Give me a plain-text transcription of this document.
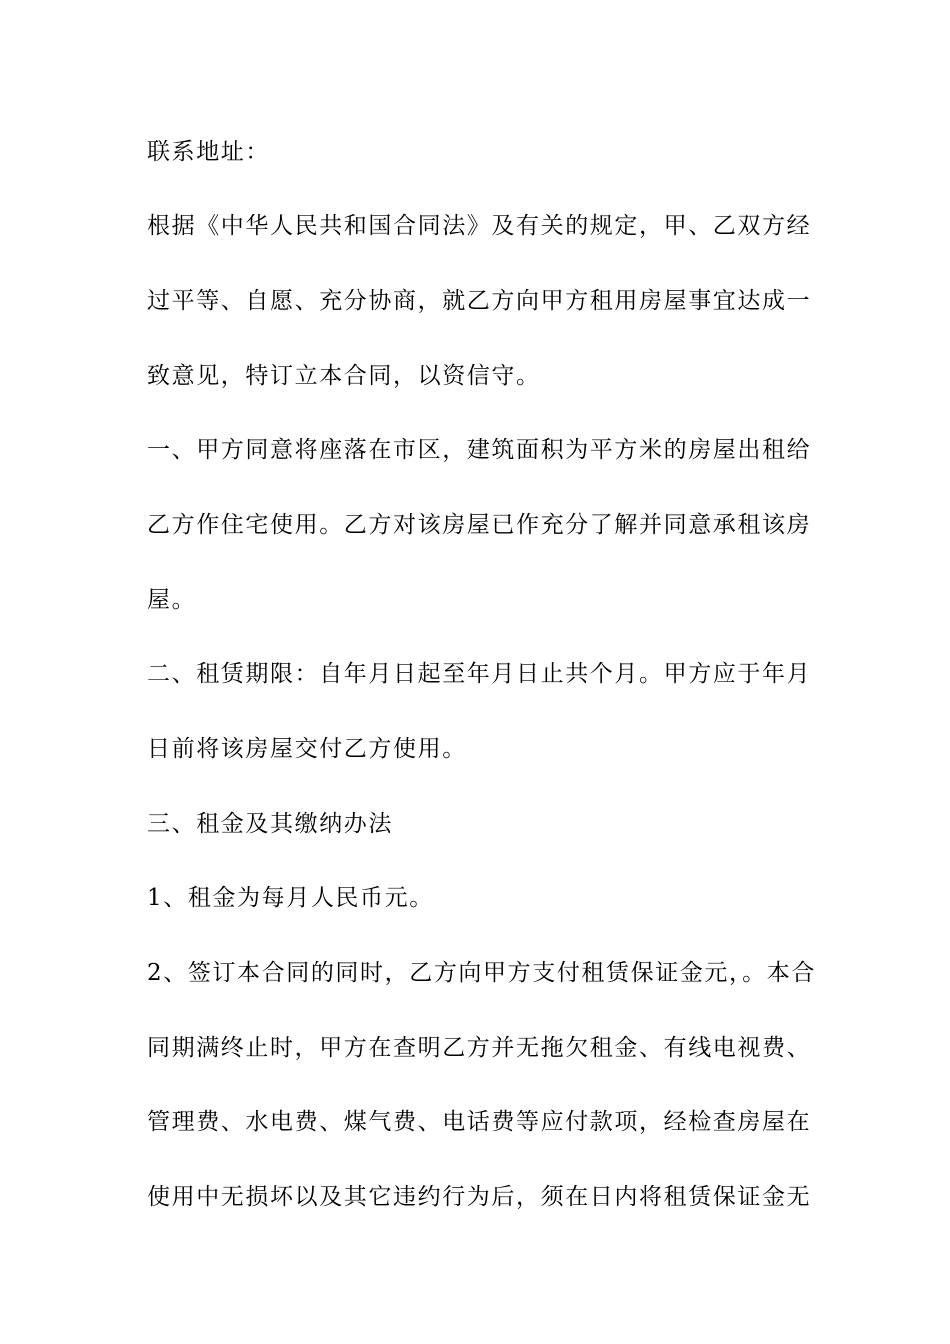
联系地址：
根据《中华人民共和国合同法》及有关的规定，甲、乙双方经
过平等、自愿、充分协商，就乙方向甲方租用房屋事宜达成一
致意见，特订立本合同，以资信守。
一、甲方同意将座落在市区，建筑面积为平方米的房屋出租给
乙方作住宅使用。乙方对该房屋已作充分了解并同意承租该房
屋。
二、租赁期限：自年月日起至年月日止共个月。甲方应于年月
日前将该房屋交付乙方使用。
三、租金及其缴纳办法
1、租金为每月人民币元。
2、签订本合同的同时，乙方向甲方支付租赁保证金元，。本合
同期满终止时，甲方在查明乙方并无拖欠租金、有线电视费、
管理费、水电费、煤气费、电话费等应付款项，经检查房屋在
使用中无损坏以及其它违约行为后，须在日内将租赁保证金无
